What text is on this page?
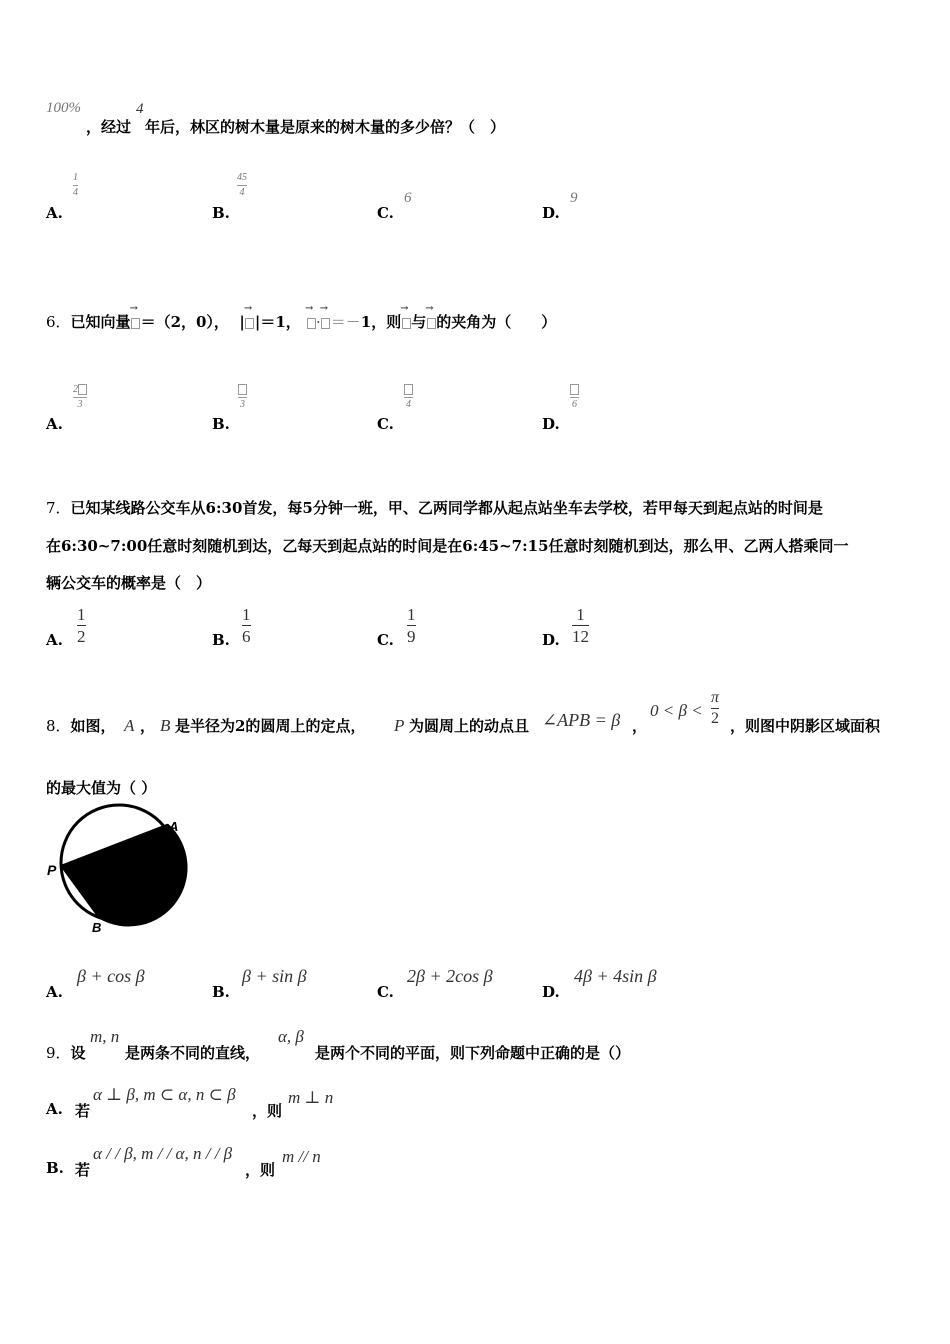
100%
，经过
4
年后，林区的树木量是原来的树木量的多少倍？（　）
A.
1
4
B.
45
4
C.
6
D.
9
6．已知向量
→
＝（2，0）， |
→
|＝1，
→
·
→
＝－1，则
→
与
→
的夹角为（　　）
A.
2
3
B.
3
C.
4
D.
6
7．已知某线路公交车从6:30首发，每5分钟一班，甲、乙两同学都从起点站坐车去学校，若甲每天到起点站的时间是
在6:30~7:00任意时刻随机到达，乙每天到起点站的时间是在6:45~7:15任意时刻随机到达，那么甲、乙两人搭乘同一
辆公交车的概率是（　）
A.
1
2	B.
1
6	C.
1
9	D.
1
12
8．如图， A ， B 是半径为2的圆周上的定点， P 为圆周上的动点且 ∠APB = β ，
0 < β <
π
2 ，则图中阴影区域面积
的最大值为（ ）
A
P
B
A.
β + cos β
B.
β + sin β
C.
2β + 2cos β
D.
4β + 4sin β
9．设
m, n
是两条不同的直线，
α, β
是两个不同的平面，则下列命题中正确的是（）
A. 若
α ⊥ β, m ⊂ α, n ⊂ β
，则
m ⊥ n
B. 若
α / / β, m / / α, n / / β
，则
m // n
